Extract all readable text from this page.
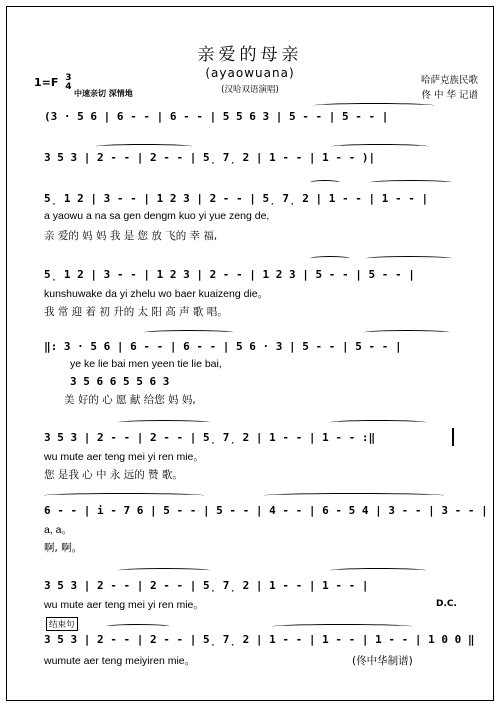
亲爱的母亲
(ayaowuana)
(汉哈双语演唱)
1=F 3
4
中速亲切 深情地
哈萨克族民歌
佟 中 华 记谱
(3 · 5 6 | 6 - - | 6 - - | 5 5 6 3 | 5 - - | 5 - - |
3 5 3 | 2 - - | 2 - - | 5̣ 7̣ 2 | 1 - - | 1 - - )|
5̣ 1 2 | 3 - - | 1 2 3 | 2 - - | 5̣ 7̣ 2 | 1 - - | 1 - - |
a yaowu a na sa gen dengm kuo yi yue zeng de,
亲 爱的 妈 妈 我 是 您 放 飞的 幸 福,
5̣ 1 2 | 3 - - | 1 2 3 | 2 - - | 1 2 3 | 5 - - | 5 - - |
kunshuwake da yi zhelu wo baer kuaizeng die。
我 常 迎 着 初 升的 太 阳 高 声 歌 唱。
‖: 3 · 5 6 | 6 - - | 6 - - | 5 6 · 3 | 5 - - | 5 - - |
ye ke lie bai men yeen tie lie bai,
3 5 6 6 5 5 6 3
美 好的 心 愿 献 给您 妈 妈,
3 5 3 | 2 - - | 2 - - | 5̣ 7̣ 2 | 1 - - | 1 - - :‖
wu mute aer teng mei yi ren mie。
您 是我 心 中 永 远的 赞 歌。
6 - - | i - 7 6 | 5 - - | 5 - - | 4 - - | 6 - 5 4 | 3 - - | 3 - - |
a, a。
啊, 啊。
3 5 3 | 2 - - | 2 - - | 5̣ 7̣ 2 | 1 - - | 1 - - |
wu mute aer teng mei yi ren mie。	D.C.
结束句
3 5 3 | 2 - - | 2 - - | 5̣ 7̣ 2 | 1 - - | 1 - - | 1 - - | 1 0 0 ‖
wumute aer teng meiyiren mie。	(佟中华制谱)
